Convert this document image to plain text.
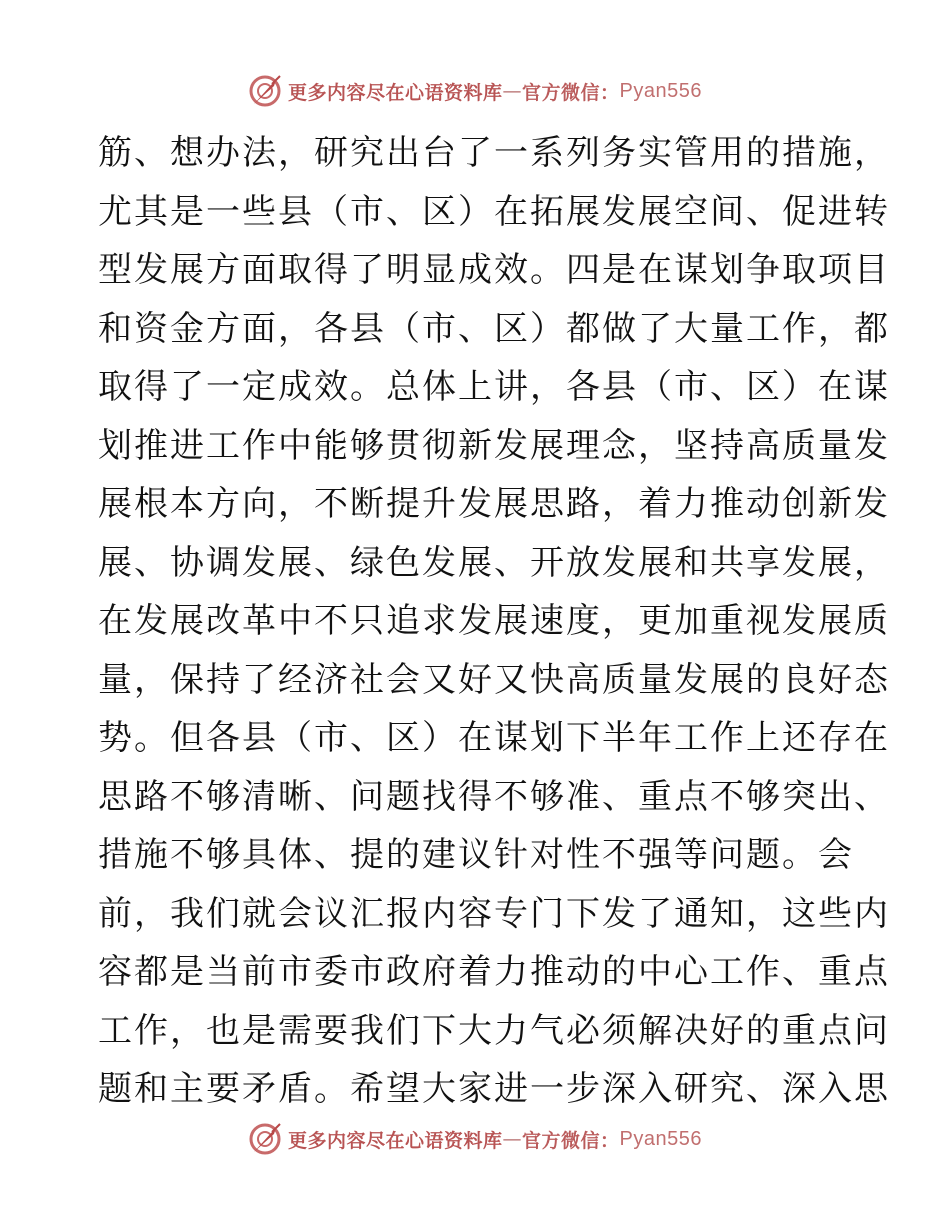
更多内容尽在心语资料库 — 官方微信： Pyan556
筋、想办法，研究出台了一系列务实管用的措施，
尤其是一些县（市、区）在拓展发展空间、促进转
型发展方面取得了明显成效。四是在谋划争取项目
和资金方面，各县（市、区）都做了大量工作，都
取得了一定成效。总体上讲，各县（市、区）在谋
划推进工作中能够贯彻新发展理念，坚持高质量发
展根本方向，不断提升发展思路，着力推动创新发
展、协调发展、绿色发展、开放发展和共享发展，
在发展改革中不只追求发展速度，更加重视发展质
量，保持了经济社会又好又快高质量发展的良好态
势。但各县（市、区）在谋划下半年工作上还存在
思路不够清晰、问题找得不够准、重点不够突出、
措施不够具体、提的建议针对性不强等问题。会
前，我们就会议汇报内容专门下发了通知，这些内
容都是当前市委市政府着力推动的中心工作、重点
工作，也是需要我们下大力气必须解决好的重点问
题和主要矛盾。希望大家进一步深入研究、深入思
更多内容尽在心语资料库 — 官方微信： Pyan556
